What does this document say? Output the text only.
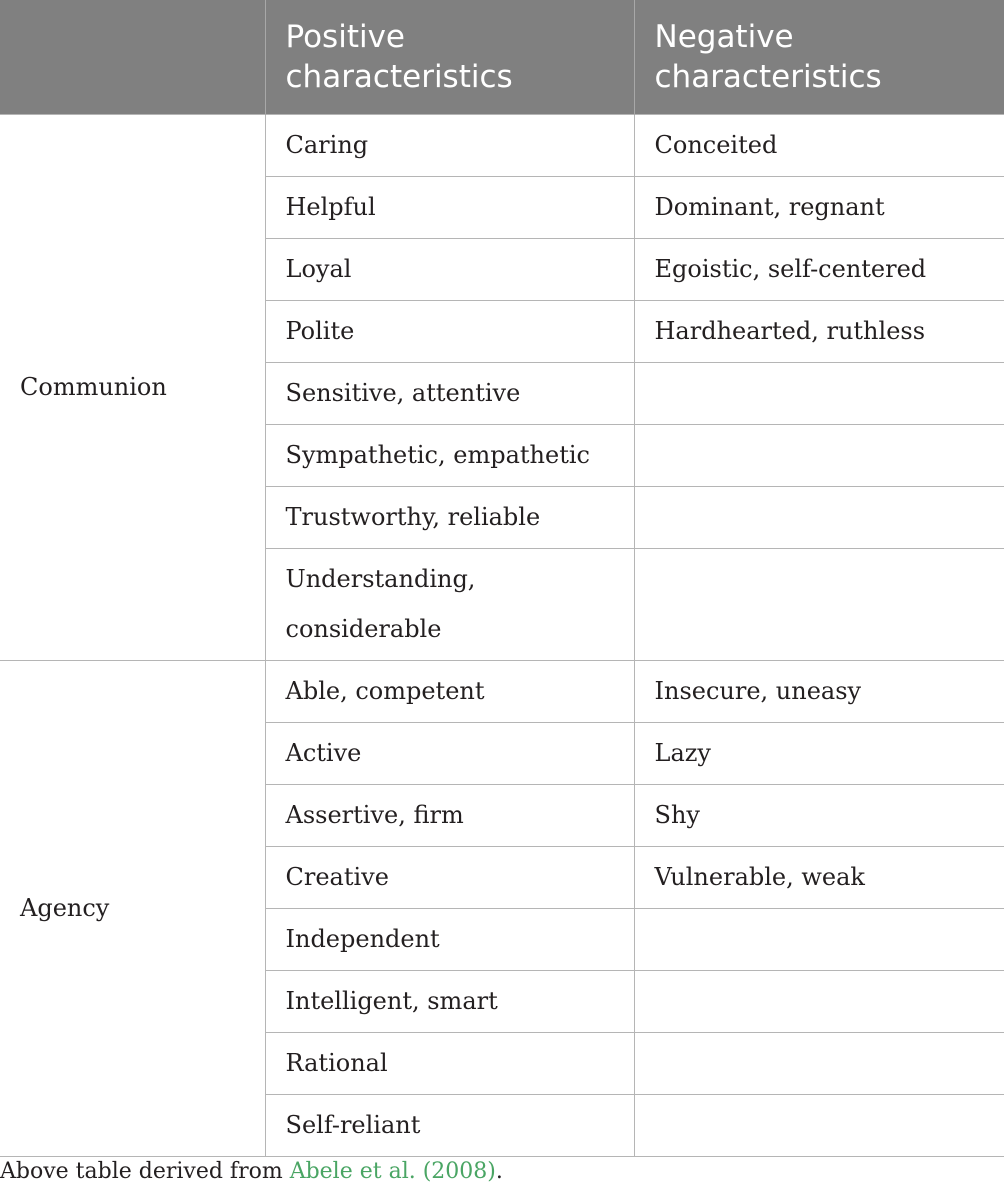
	Positive characteristics	Negative characteristics
Communion	Caring	Conceited
	Helpful	Dominant, regnant
	Loyal	Egoistic, self-centered
	Polite	Hardhearted, ruthless
	Sensitive, attentive	
	Sympathetic, empathetic	
	Trustworthy, reliable	
	Understanding, considerable	
Agency	Able, competent	Insecure, uneasy
	Active	Lazy
	Assertive, firm	Shy
	Creative	Vulnerable, weak
	Independent	
	Intelligent, smart	
	Rational	
	Self-reliant	
Above table derived from Abele et al. (2008).
